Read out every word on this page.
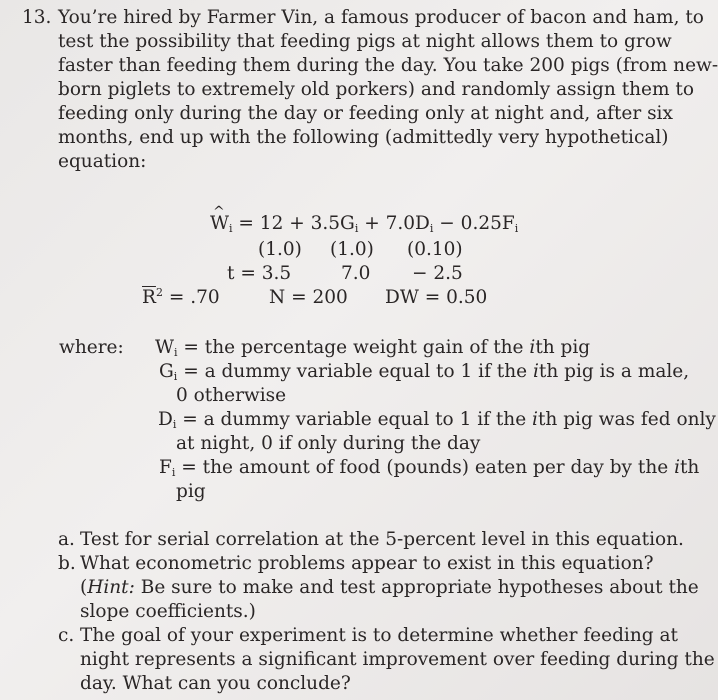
13. You’re hired by Farmer Vin, a famous producer of bacon and ham, to
test the possibility that feeding pigs at night allows them to grow
faster than feeding them during the day. You take 200 pigs (from new-
born piglets to extremely old porkers) and randomly assign them to
feeding only during the day or feeding only at night and, after six
months, end up with the following (admittedly very hypothetical)
equation:
^ $W_i = 12 + 3.5G_i + 7.0D_i - 0.25F_i$
(1.0) (1.0) (0.10)
t = 3.5	7.0 − 2.5
$\overline{R}^2 = .70$	N = 200 DW = 0.50
where: $W_i$ = the percentage weight gain of the ith pig
$G_i = a$ dummy variable equal to 1 if the ith pig is a male,
0 otherwise
$D_i = a$ dummy variable equal to 1 if the ith pig was fed only
at night, 0 if only during the day
$F_i$ = the amount of food (pounds) eaten per day by the ith
pig
a. Test for serial correlation at the 5-percent level in this equation.
b. What econometric problems appear to exist in this equation?
(Hint: Be sure to make and test appropriate hypotheses about the
slope coefficients.)
c. The goal of your experiment is to determine whether feeding at
night represents a significant improvement over feeding during the
day. What can you conclude?
